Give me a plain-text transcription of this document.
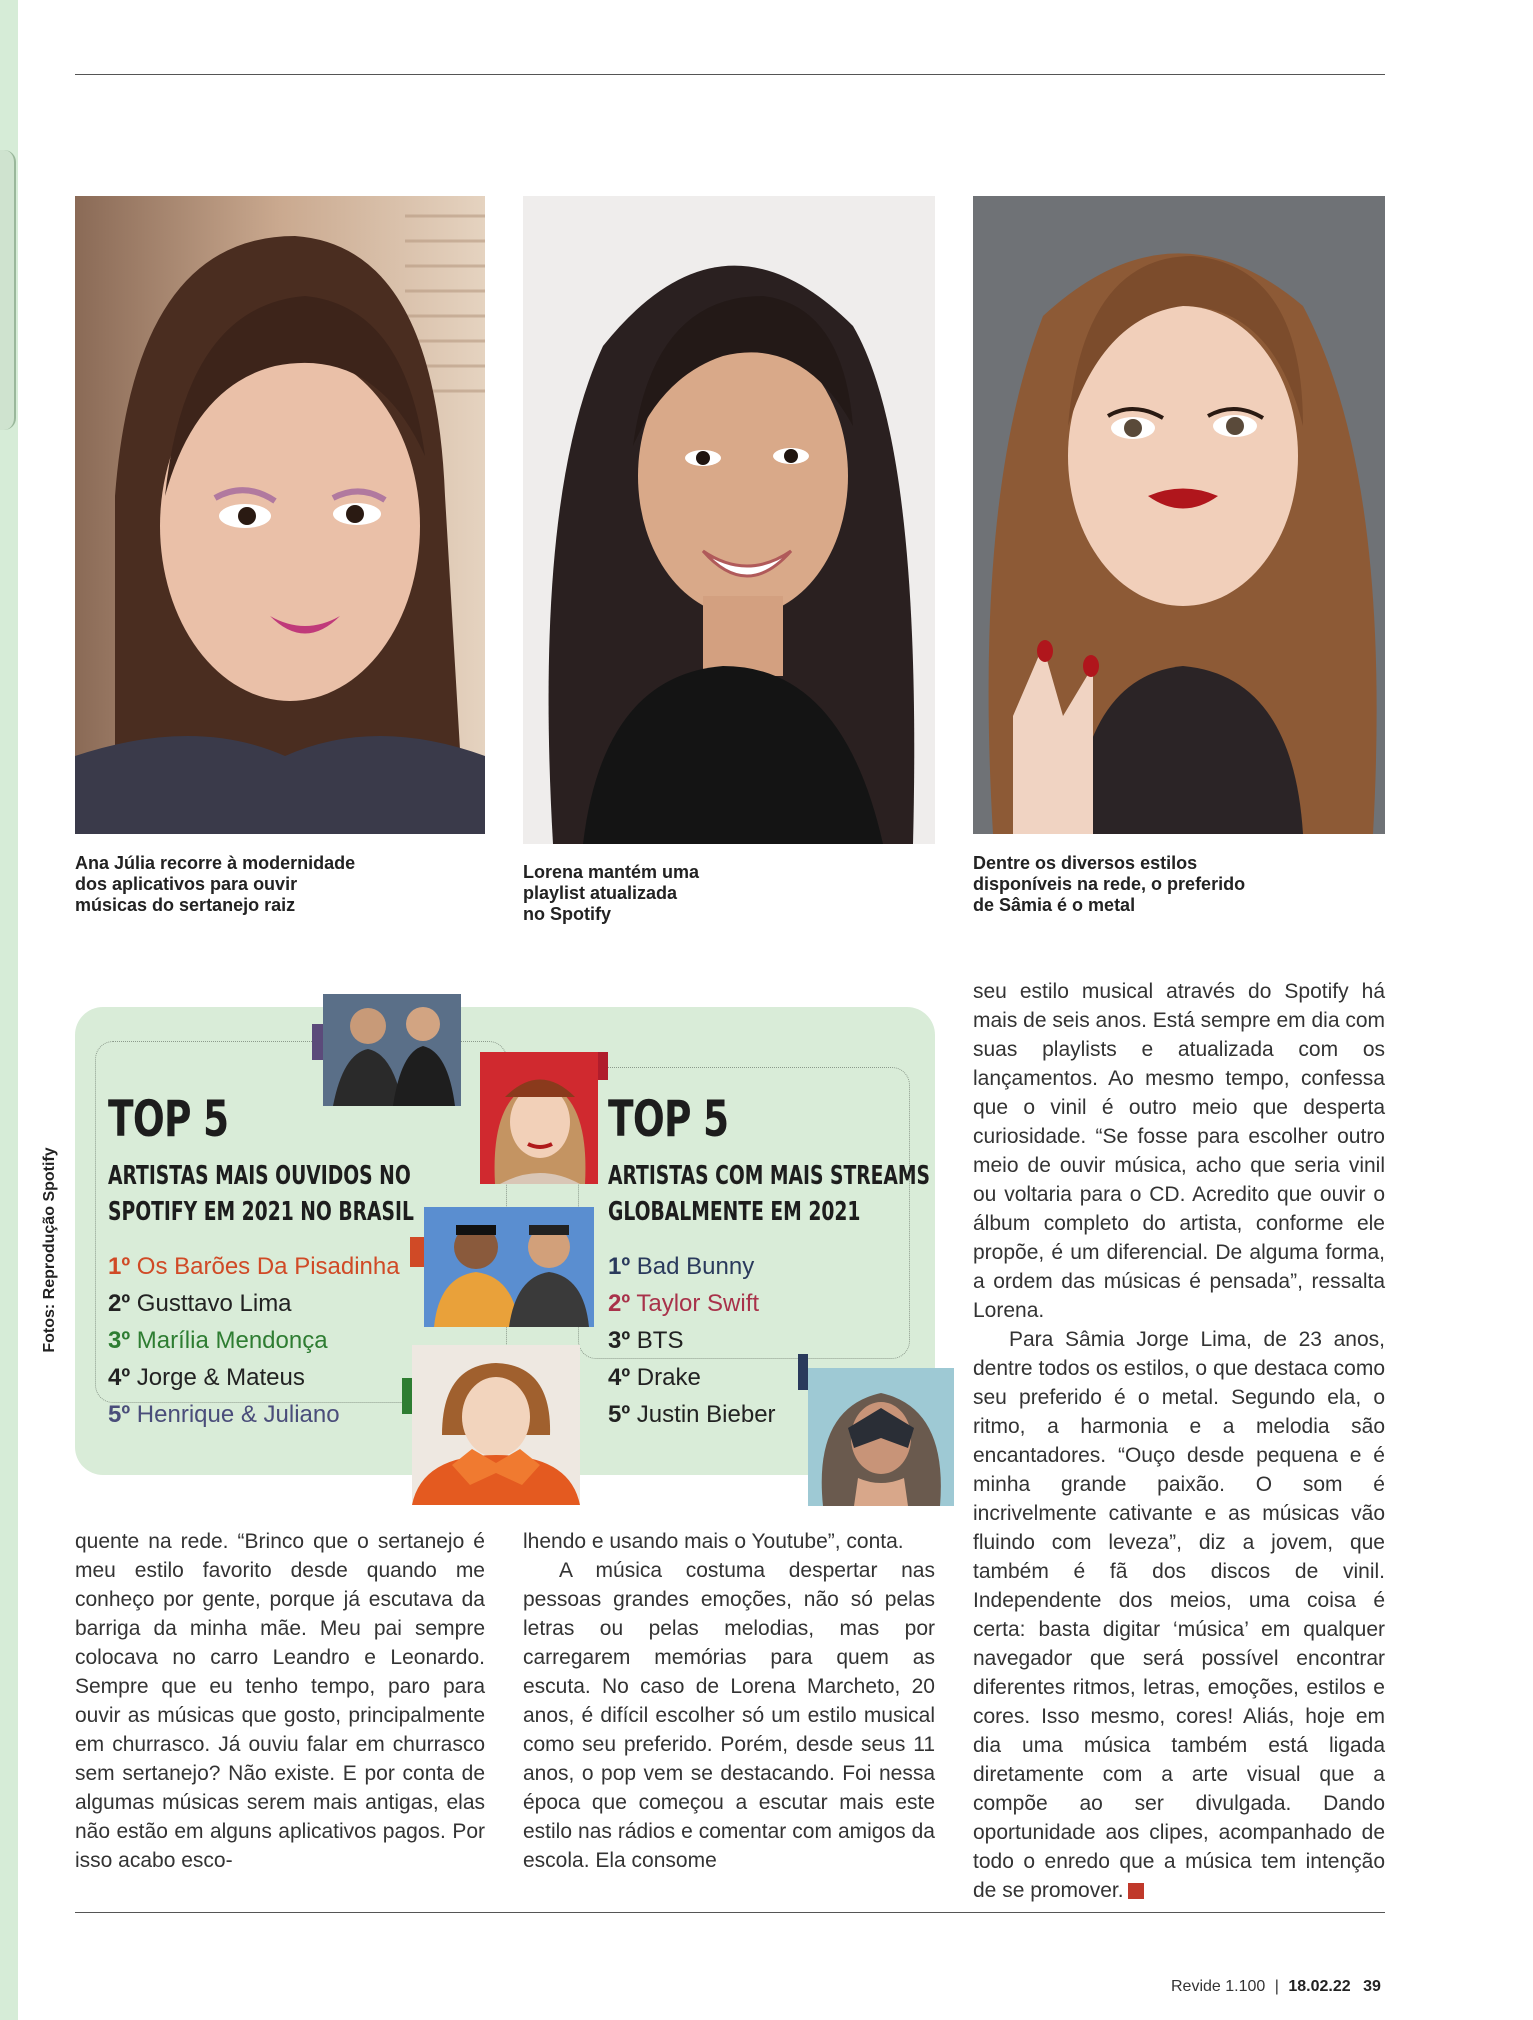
Ana Júlia recorre à modernidade
dos aplicativos para ouvir
músicas do sertanejo raiz
Lorena mantém uma
playlist atualizada
no Spotify
Dentre os diversos estilos
disponíveis na rede, o preferido
de Sâmia é o metal
Fotos: Reprodução Spotify
TOP 5
ARTISTAS MAIS OUVIDOS NO
SPOTIFY EM 2021 NO BRASIL
1º Os Barões Da Pisadinha
2º Gusttavo Lima
3º Marília Mendonça
4º Jorge & Mateus
5º Henrique & Juliano
TOP 5
ARTISTAS COM MAIS STREAMS
GLOBALMENTE EM 2021
1º Bad Bunny
2º Taylor Swift
3º BTS
4º Drake
5º Justin Bieber

quente na rede. “Brinco que o sertanejo é meu estilo favorito desde quando me conheço por gente, porque já escutava da barriga da minha mãe. Meu pai sempre colocava no carro Leandro e Leonardo. Sempre que eu tenho tempo, paro para ouvir as músicas que gosto, principalmente em churrasco. Já ouviu falar em churrasco sem sertanejo? Não existe. E por conta de algumas músicas serem mais antigas, elas não estão em alguns aplicativos pagos. Por isso acabo esco-

lhendo e usando mais o Youtube”, conta.

A música costuma despertar nas pessoas grandes emoções, não só pelas letras ou pelas melodias, mas por carregarem memórias para quem as escuta. No caso de Lorena Marcheto, 20 anos, é difícil escolher só um estilo musical como seu preferido. Porém, desde seus 11 anos, o pop vem se destacando. Foi nessa época que começou a escutar mais este estilo nas rádios e comentar com amigos da escola. Ela consome

seu estilo musical através do Spotify há mais de seis anos. Está sempre em dia com suas playlists e atualizada com os lançamentos. Ao mesmo tempo, confessa que o vinil é outro meio que desperta curiosidade. “Se fosse para escolher outro meio de ouvir música, acho que seria vinil ou voltaria para o CD. Acredito que ouvir o álbum completo do artista, conforme ele propõe, é um diferencial. De alguma forma, a ordem das músicas é pensada”, ressalta Lorena.

Para Sâmia Jorge Lima, de 23 anos, dentre todos os estilos, o que destaca como seu preferido é o metal. Segundo ela, o ritmo, a harmonia e a melodia são encantadores. “Ouço desde pequena e é minha grande paixão. O som é incrivelmente cativante e as músicas vão fluindo com leveza”, diz a jovem, que também é fã dos discos de vinil. Independente dos meios, uma coisa é certa: basta digitar ‘música’ em qualquer navegador que será possível encontrar diferentes ritmos, letras, emoções, estilos e cores. Isso mesmo, cores! Aliás, hoje em dia uma música também está ligada diretamente com a arte visual que a compõe ao ser divulgada. Dando oportunidade aos clipes, acompanhado de todo o enredo que a música tem intenção de se promover.	R

Revide 1.100 | 18.02.22 39
